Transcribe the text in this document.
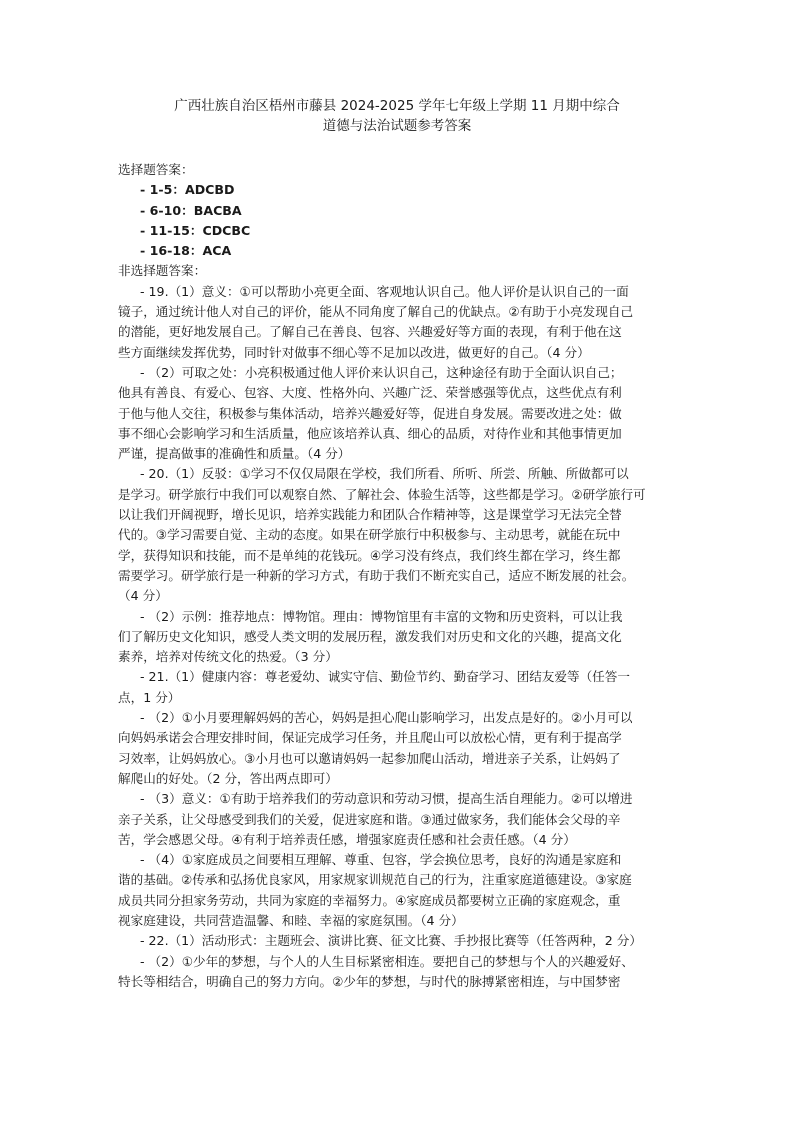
广西壮族自治区梧州市藤县 2024-2025 学年七年级上学期 11 月期中综合
道德与法治试题参考答案
选择题答案：
- 1-5：ADCBD
- 6-10：BACBA
- 11-15：CDCBC
- 16-18：ACA
非选择题答案：
- 19.（1）意义：①可以帮助小亮更全面、客观地认识自己。他人评价是认识自己的一面
镜子，通过统计他人对自己的评价，能从不同角度了解自己的优缺点。②有助于小亮发现自己
的潜能，更好地发展自己。了解自己在善良、包容、兴趣爱好等方面的表现，有利于他在这
些方面继续发挥优势，同时针对做事不细心等不足加以改进，做更好的自己。（4 分）
- （2）可取之处：小亮积极通过他人评价来认识自己，这种途径有助于全面认识自己；
他具有善良、有爱心、包容、大度、性格外向、兴趣广泛、荣誉感强等优点，这些优点有利
于他与他人交往，积极参与集体活动，培养兴趣爱好等，促进自身发展。需要改进之处：做
事不细心会影响学习和生活质量，他应该培养认真、细心的品质，对待作业和其他事情更加
严谨，提高做事的准确性和质量。（4 分）
- 20.（1）反驳：①学习不仅仅局限在学校，我们所看、所听、所尝、所触、所做都可以
是学习。研学旅行中我们可以观察自然、了解社会、体验生活等，这些都是学习。②研学旅行可
以让我们开阔视野，增长见识，培养实践能力和团队合作精神等，这是课堂学习无法完全替
代的。③学习需要自觉、主动的态度。如果在研学旅行中积极参与、主动思考，就能在玩中
学，获得知识和技能，而不是单纯的花钱玩。④学习没有终点，我们终生都在学习，终生都
需要学习。研学旅行是一种新的学习方式，有助于我们不断充实自己，适应不断发展的社会。
（4 分）
- （2）示例：推荐地点：博物馆。理由：博物馆里有丰富的文物和历史资料，可以让我
们了解历史文化知识，感受人类文明的发展历程，激发我们对历史和文化的兴趣，提高文化
素养，培养对传统文化的热爱。（3 分）
- 21.（1）健康内容：尊老爱幼、诚实守信、勤俭节约、勤奋学习、团结友爱等（任答一
点，1 分）
- （2）①小月要理解妈妈的苦心，妈妈是担心爬山影响学习，出发点是好的。②小月可以
向妈妈承诺会合理安排时间，保证完成学习任务，并且爬山可以放松心情，更有利于提高学
习效率，让妈妈放心。③小月也可以邀请妈妈一起参加爬山活动，增进亲子关系，让妈妈了
解爬山的好处。（2 分，答出两点即可）
- （3）意义：①有助于培养我们的劳动意识和劳动习惯，提高生活自理能力。②可以增进
亲子关系，让父母感受到我们的关爱，促进家庭和谐。③通过做家务，我们能体会父母的辛
苦，学会感恩父母。④有利于培养责任感，增强家庭责任感和社会责任感。（4 分）
- （4）①家庭成员之间要相互理解、尊重、包容，学会换位思考，良好的沟通是家庭和
谐的基础。②传承和弘扬优良家风，用家规家训规范自己的行为，注重家庭道德建设。③家庭
成员共同分担家务劳动，共同为家庭的幸福努力。④家庭成员都要树立正确的家庭观念，重
视家庭建设，共同营造温馨、和睦、幸福的家庭氛围。（4 分）
- 22.（1）活动形式：主题班会、演讲比赛、征文比赛、手抄报比赛等（任答两种，2 分）
- （2）①少年的梦想，与个人的人生目标紧密相连。要把自己的梦想与个人的兴趣爱好、
特长等相结合，明确自己的努力方向。②少年的梦想，与时代的脉搏紧密相连，与中国梦密
